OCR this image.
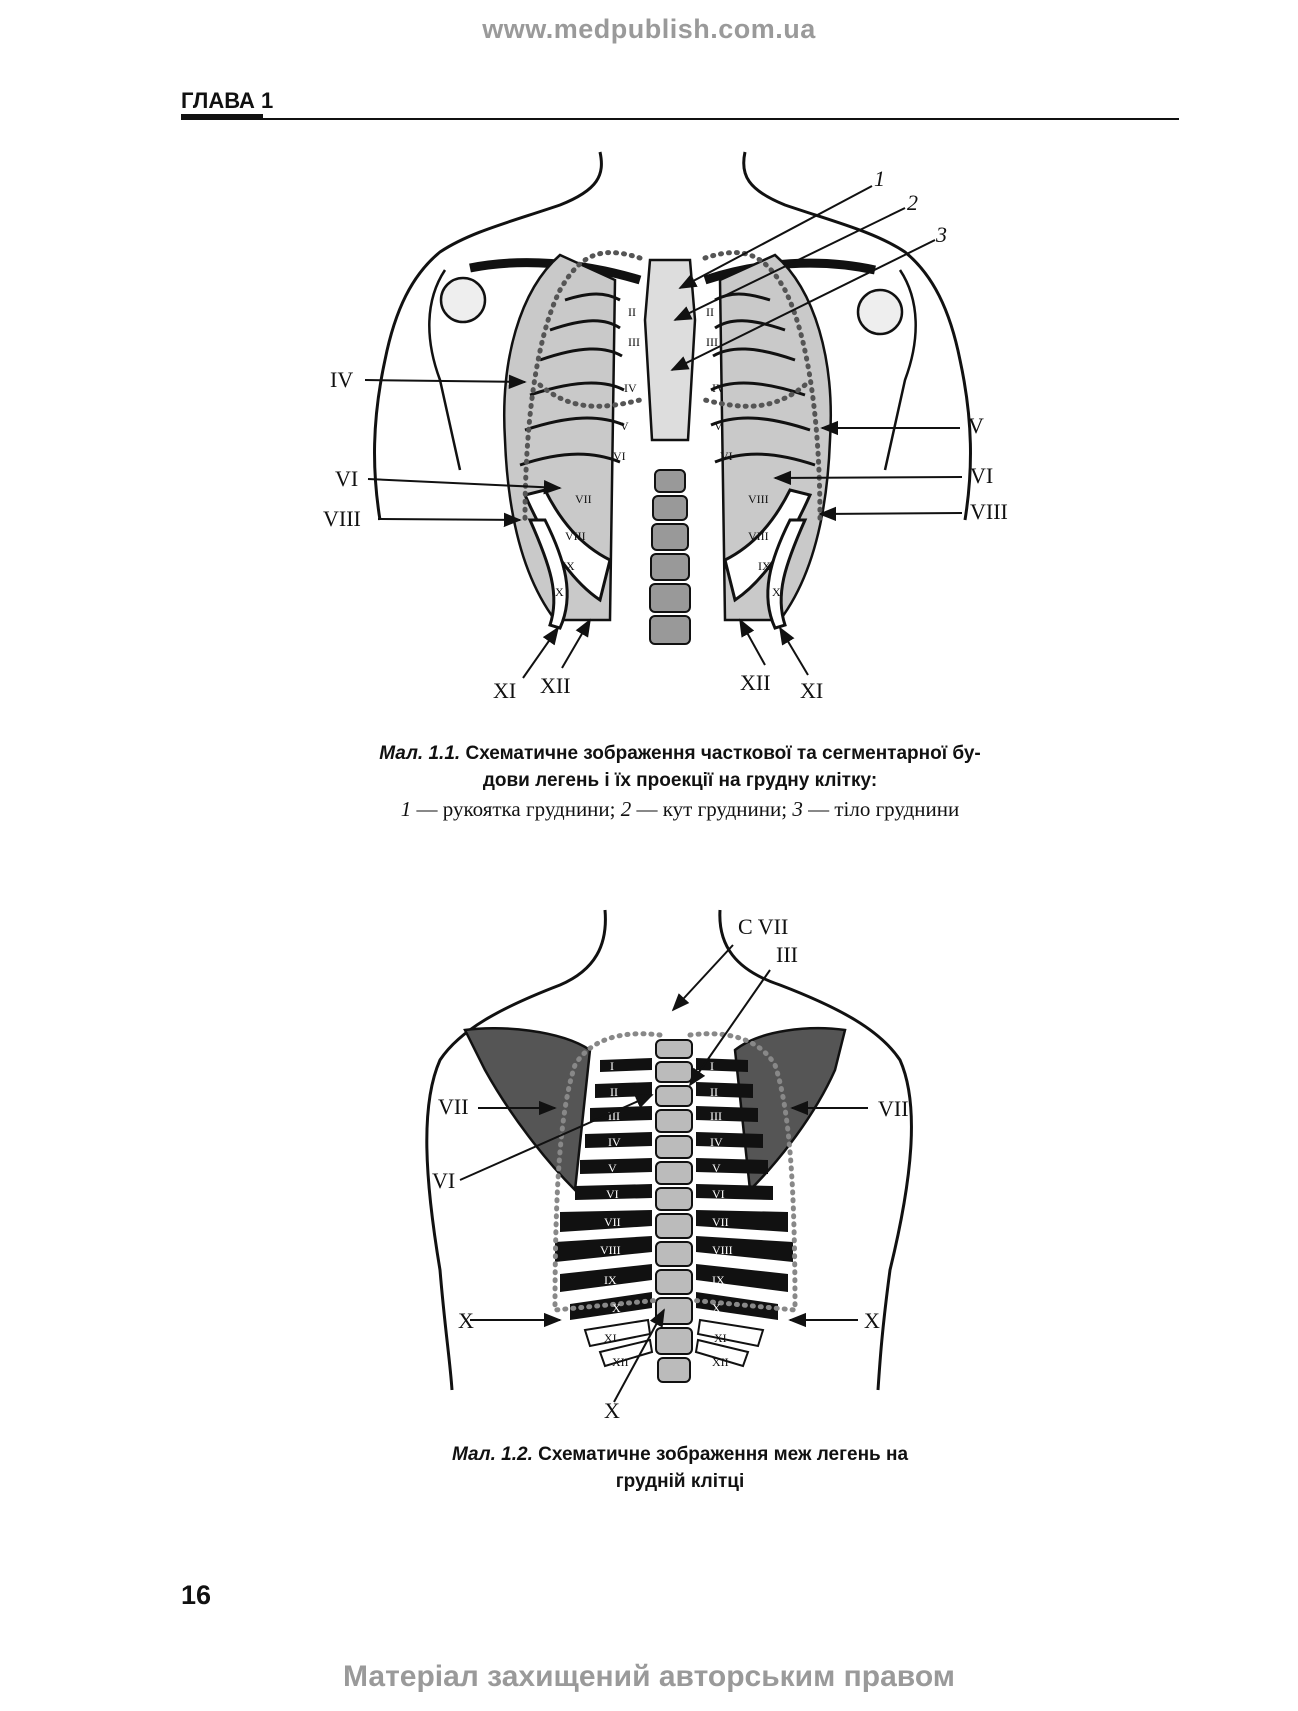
www.medpublish.com.ua
ГЛАВА 1
II
III
IV
V
VI
VII
VIII
IX
X
II
III
IV
V
VI
VIII
VIII
IX
X
1
2
3
IV
VI
VIII
V
VI
VIII
XI XII	XII XI
Мал. 1.1. Схематичне зображення часткової та сегментарної бу-
дови легень і їх проекції на грудну клітку:
1 — рукоятка груднини; 2 — кут груднини; 3 — тіло груднини
I
II
III
IV
V
VI
VII
VIII
IX
X
I
II
III
IV
V
VI
VII
VIII
IX
X
XI
XII
XI
XII
C VII
III
VII	VII
VI
X	X
X
Мал. 1.2. Схематичне зображення меж легень на
грудній клітці
16
Матеріал захищений авторським правом
